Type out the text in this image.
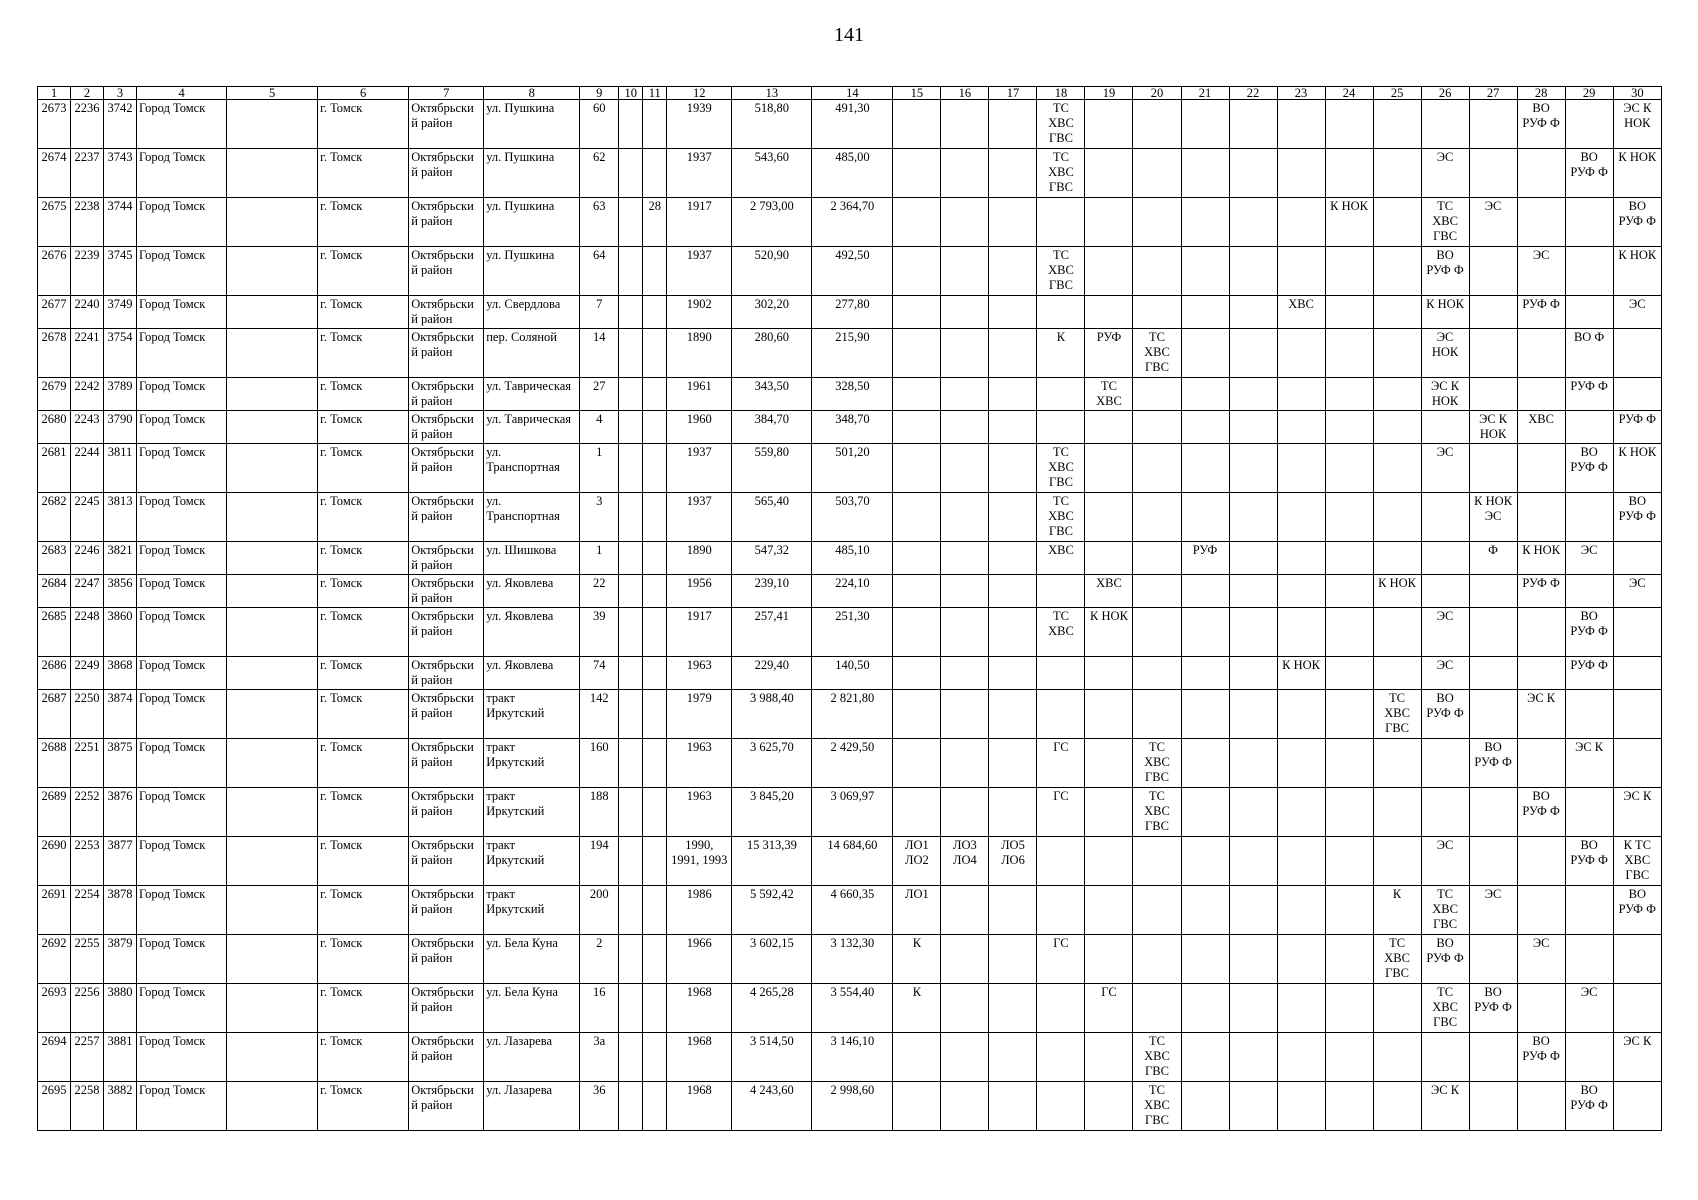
141
1	2	3	4	5	6	7	8	9	10	11	12	13	14	15	16	17	18	19	20	21	22	23	24	25	26	27	28	29	30
2673	2236	3742	Город Томск		г. Томск	Октябрьски
й район	ул. Пушкина	60			1939	518,80	491,30				ТС
ХВС
ГВС										ВО
РУФ Ф		ЭС К
НОК
2674	2237	3743	Город Томск		г. Томск	Октябрьски
й район	ул. Пушкина	62			1937	543,60	485,00				ТС
ХВС
ГВС								ЭС			ВО
РУФ Ф	К НОК
2675	2238	3744	Город Томск		г. Томск	Октябрьски
й район	ул. Пушкина	63		28	1917	2 793,00	2 364,70										К НОК		ТС
ХВС
ГВС	ЭС			ВО
РУФ Ф
2676	2239	3745	Город Томск		г. Томск	Октябрьски
й район	ул. Пушкина	64			1937	520,90	492,50				ТС
ХВС
ГВС								ВО
РУФ Ф		ЭС		К НОК
2677	2240	3749	Город Томск		г. Томск	Октябрьски
й район	ул. Свердлова	7			1902	302,20	277,80									ХВС			К НОК		РУФ Ф		ЭС
2678	2241	3754	Город Томск		г. Томск	Октябрьски
й район	пер. Соляной	14			1890	280,60	215,90				К	РУФ	ТС
ХВС
ГВС						ЭС
НОК			ВО Ф	
2679	2242	3789	Город Томск		г. Томск	Октябрьски
й район	ул. Таврическая	27			1961	343,50	328,50					ТС
ХВС							ЭС К
НОК			РУФ Ф	
2680	2243	3790	Город Томск		г. Томск	Октябрьски
й район	ул. Таврическая	4			1960	384,70	348,70													ЭС К
НОК	ХВС		РУФ Ф
2681	2244	3811	Город Томск		г. Томск	Октябрьски
й район	ул.
Транспортная	1			1937	559,80	501,20				ТС
ХВС
ГВС								ЭС			ВО
РУФ Ф	К НОК
2682	2245	3813	Город Томск		г. Томск	Октябрьски
й район	ул.
Транспортная	3			1937	565,40	503,70				ТС
ХВС
ГВС									К НОК
ЭС			ВО
РУФ Ф
2683	2246	3821	Город Томск		г. Томск	Октябрьски
й район	ул. Шишкова	1			1890	547,32	485,10				ХВС			РУФ						Ф	К НОК	ЭС	
2684	2247	3856	Город Томск		г. Томск	Октябрьски
й район	ул. Яковлева	22			1956	239,10	224,10					ХВС						К НОК			РУФ Ф		ЭС
2685	2248	3860	Город Томск		г. Томск	Октябрьски
й район	ул. Яковлева	39			1917	257,41	251,30				ТС
ХВС	К НОК							ЭС			ВО
РУФ Ф	
2686	2249	3868	Город Томск		г. Томск	Октябрьски
й район	ул. Яковлева	74			1963	229,40	140,50									К НОК			ЭС			РУФ Ф	
2687	2250	3874	Город Томск		г. Томск	Октябрьски
й район	тракт
Иркутский	142			1979	3 988,40	2 821,80											ТС
ХВС
ГВС	ВО
РУФ Ф		ЭС К		
2688	2251	3875	Город Томск		г. Томск	Октябрьски
й район	тракт
Иркутский	160			1963	3 625,70	2 429,50				ГС		ТС
ХВС
ГВС							ВО
РУФ Ф		ЭС К	
2689	2252	3876	Город Томск		г. Томск	Октябрьски
й район	тракт
Иркутский	188			1963	3 845,20	3 069,97				ГС		ТС
ХВС
ГВС								ВО
РУФ Ф		ЭС К
2690	2253	3877	Город Томск		г. Томск	Октябрьски
й район	тракт
Иркутский	194			1990,
1991, 1993	15 313,39	14 684,60	ЛО1
ЛО2	ЛО3
ЛО4	ЛО5
ЛО6									ЭС			ВО
РУФ Ф	К ТС
ХВС
ГВС
2691	2254	3878	Город Томск		г. Томск	Октябрьски
й район	тракт
Иркутский	200			1986	5 592,42	4 660,35	ЛО1										К	ТС
ХВС
ГВС	ЭС			ВО
РУФ Ф
2692	2255	3879	Город Томск		г. Томск	Октябрьски
й район	ул. Бела Куна	2			1966	3 602,15	3 132,30	К			ГС							ТС
ХВС
ГВС	ВО
РУФ Ф		ЭС		
2693	2256	3880	Город Томск		г. Томск	Октябрьски
й район	ул. Бела Куна	16			1968	4 265,28	3 554,40	К				ГС							ТС
ХВС
ГВС	ВО
РУФ Ф		ЭС	
2694	2257	3881	Город Томск		г. Томск	Октябрьски
й район	ул. Лазарева	3а			1968	3 514,50	3 146,10						ТС
ХВС
ГВС								ВО
РУФ Ф		ЭС К
2695	2258	3882	Город Томск		г. Томск	Октябрьски
й район	ул. Лазарева	36			1968	4 243,60	2 998,60						ТС
ХВС
ГВС						ЭС К			ВО
РУФ Ф	
